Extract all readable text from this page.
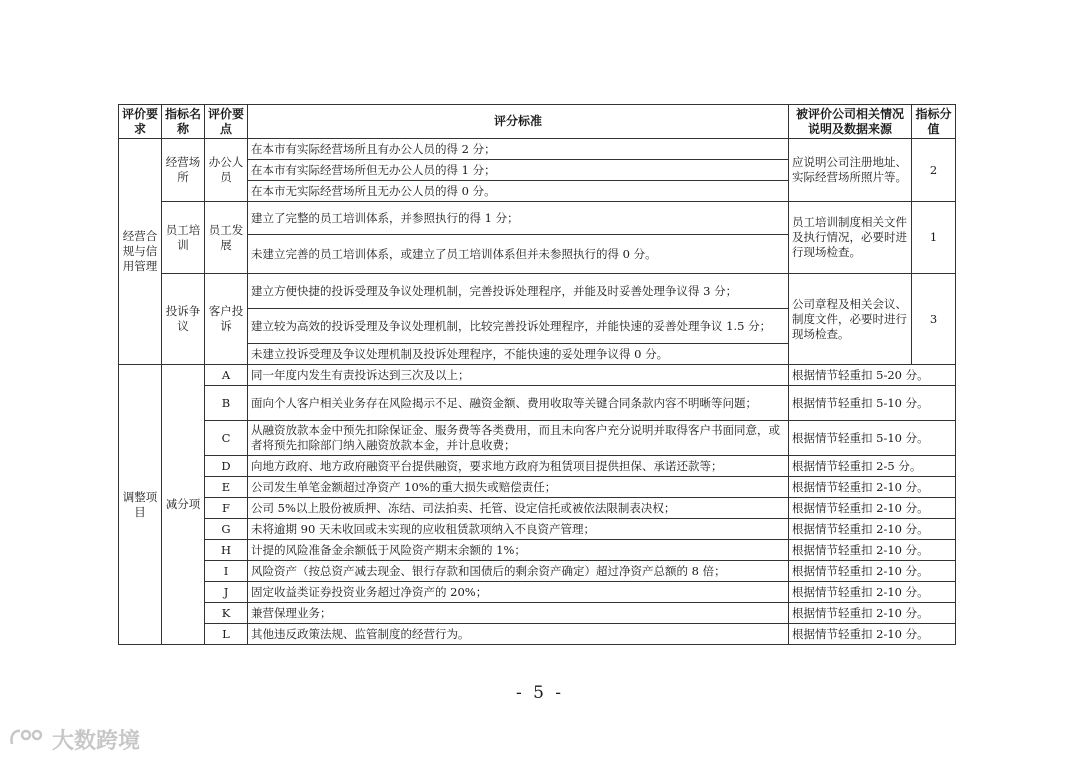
评价要求	指标名称	评价要点	评分标准	被评价公司相关情况说明及数据来源	指标分值
经营合规与信用管理	经营场所	办公人员	在本市有实际经营场所且有办公人员的得 2 分；	应说明公司注册地址、实际经营场所照片等。	2
			在本市有实际经营场所但无办公人员的得 1 分；		
			在本市无实际经营场所且无办公人员的得 0 分。		
	员工培训	员工发展	建立了完整的员工培训体系，并参照执行的得 1 分；	员工培训制度相关文件及执行情况，必要时进行现场检查。	1
			未建立完善的员工培训体系，或建立了员工培训体系但并未参照执行的得 0 分。		
	投诉争议	客户投诉	建立方便快捷的投诉受理及争议处理机制，完善投诉处理程序，并能及时妥善处理争议得 3 分；	公司章程及相关会议、制度文件，必要时进行现场检查。	3
			建立较为高效的投诉受理及争议处理机制，比较完善投诉处理程序，并能快速的妥善处理争议 1.5 分；		
			未建立投诉受理及争议处理机制及投诉处理程序，不能快速的妥处理争议得 0 分。		
调整项目	减分项	A	同一年度内发生有责投诉达到三次及以上；	根据情节轻重扣 5-20 分。	
		B	面向个人客户相关业务存在风险揭示不足、融资金额、费用收取等关键合同条款内容不明晰等问题；	根据情节轻重扣 5-10 分。	
		C	从融资放款本金中预先扣除保证金、服务费等各类费用，而且未向客户充分说明并取得客户书面同意，或者将预先扣除部门纳入融资放款本金，并计息收费；	根据情节轻重扣 5-10 分。	
		D	向地方政府、地方政府融资平台提供融资，要求地方政府为租赁项目提供担保、承诺还款等；	根据情节轻重扣 2-5 分。	
		E	公司发生单笔金额超过净资产 10%的重大损失或赔偿责任；	根据情节轻重扣 2-10 分。	
		F	公司 5%以上股份被质押、冻结、司法拍卖、托管、设定信托或被依法限制表决权；	根据情节轻重扣 2-10 分。	
		G	未将逾期 90 天未收回或未实现的应收租赁款项纳入不良资产管理；	根据情节轻重扣 2-10 分。	
		H	计提的风险准备金余额低于风险资产期末余额的 1%；	根据情节轻重扣 2-10 分。	
		I	风险资产（按总资产减去现金、银行存款和国债后的剩余资产确定）超过净资产总额的 8 倍；	根据情节轻重扣 2-10 分。	
		J	固定收益类证券投资业务超过净资产的 20%；	根据情节轻重扣 2-10 分。	
		K	兼营保理业务；	根据情节轻重扣 2-10 分。	
		L	其他违反政策法规、监管制度的经营行为。	根据情节轻重扣 2-10 分。	
- 5 -
大数跨境
